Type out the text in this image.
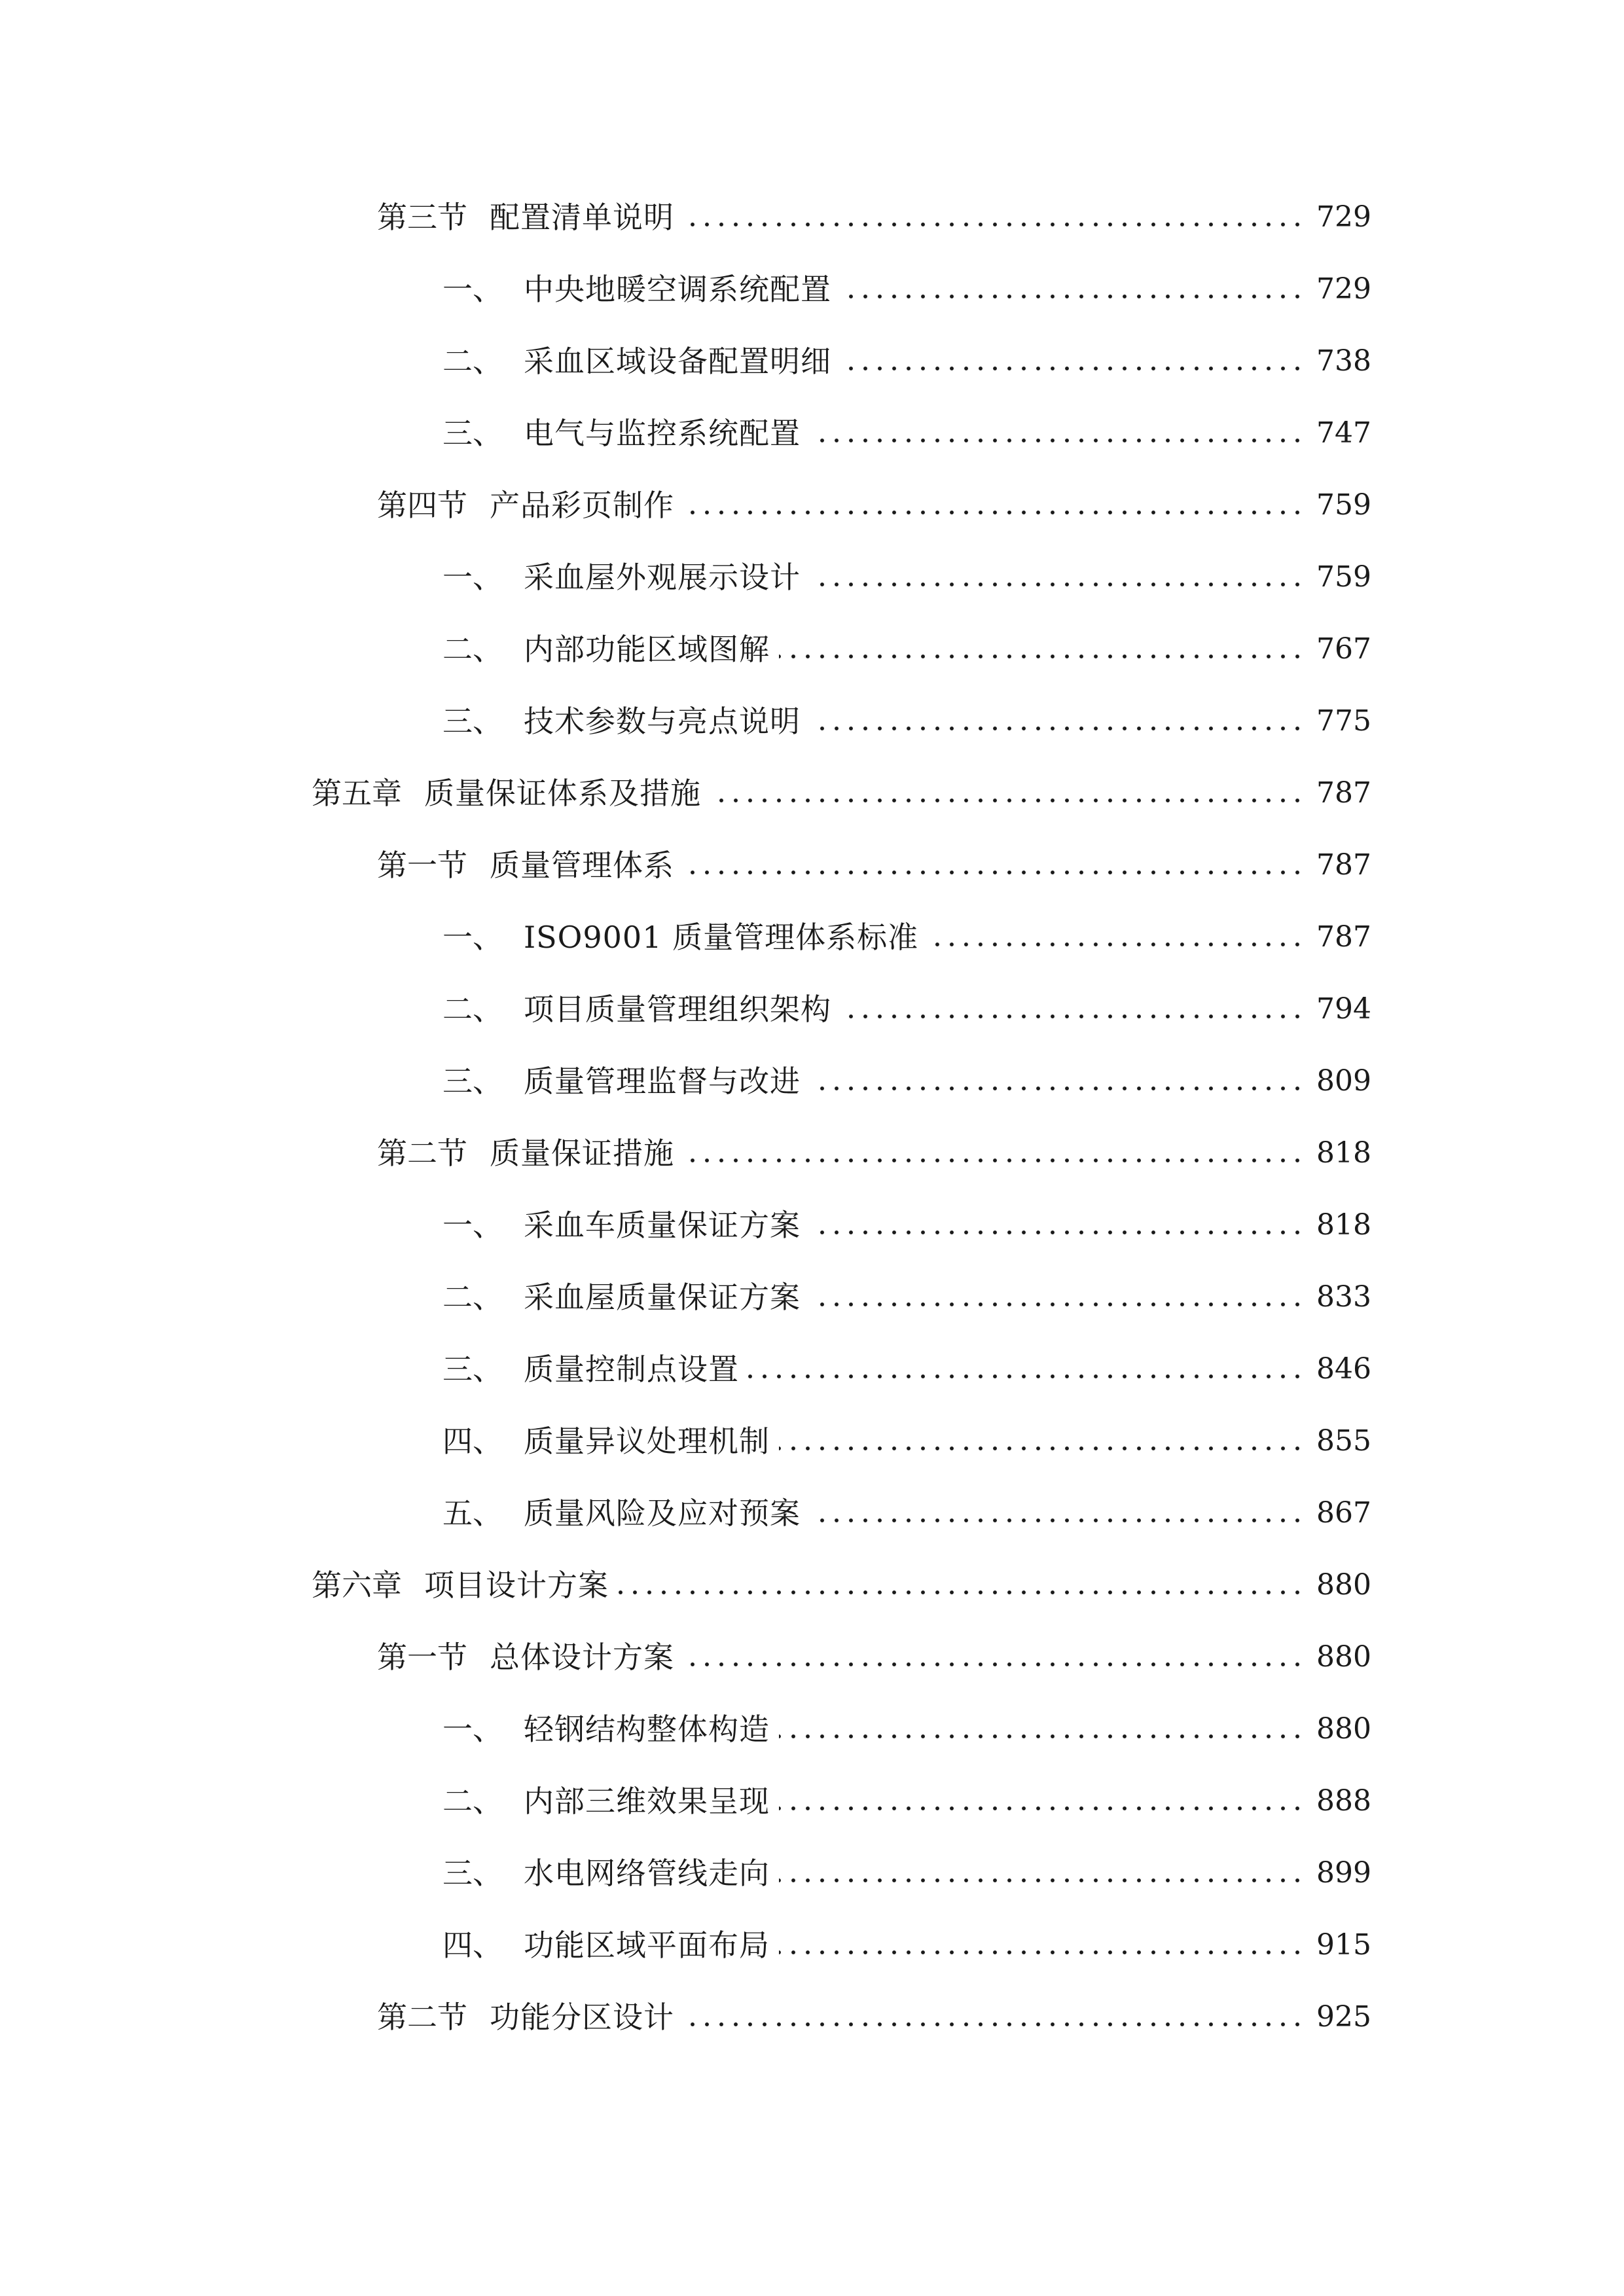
第三节 配置清单说明	729
一、 中央地暖空调系统配置	729
二、 采血区域设备配置明细	738
三、 电气与监控系统配置	747
第四节 产品彩页制作	759
一、 采血屋外观展示设计	759
二、 内部功能区域图解	767
三、 技术参数与亮点说明	775
第五章 质量保证体系及措施	787
第一节 质量管理体系	787
一、 ISO9001 质量管理体系标准	787
二、 项目质量管理组织架构	794
三、 质量管理监督与改进	809
第二节 质量保证措施	818
一、 采血车质量保证方案	818
二、 采血屋质量保证方案	833
三、 质量控制点设置	846
四、 质量异议处理机制	855
五、 质量风险及应对预案	867
第六章 项目设计方案	880
第一节 总体设计方案	880
一、 轻钢结构整体构造	880
二、 内部三维效果呈现	888
三、 水电网络管线走向	899
四、 功能区域平面布局	915
第二节 功能分区设计	925
